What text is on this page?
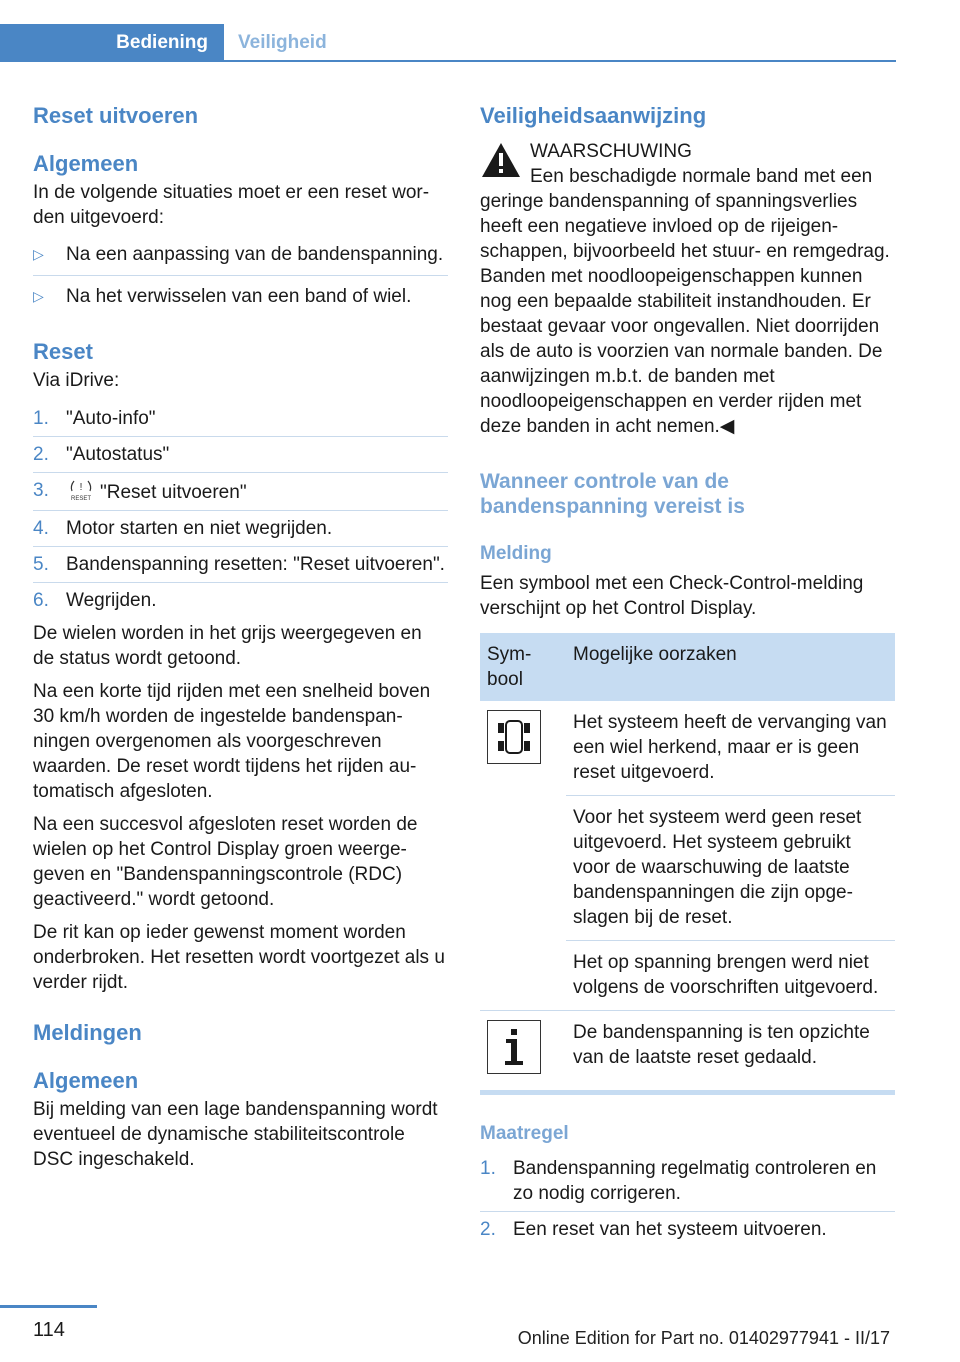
Bediening	Veiligheid
Reset uitvoeren
Algemeen

In de volgende situaties moet er een reset worden uitgevoerd:

▷ Na een aanpassing van de bandenspanning.
▷ Na het verwisselen van een band of wiel.
Reset

Via iDrive:

1. "Auto-info"
2. "Autostatus"
3.	!
RESET "Reset uitvoeren"
4. Motor starten en niet wegrijden.
5. Bandenspanning resetten: "Reset uitvoeren".
6. Wegrijden.

De wielen worden in het grijs weergegeven en de status wordt getoond.

Na een korte tijd rijden met een snelheid boven 30 km/h worden de ingestelde bandenspanningen overgenomen als voorgeschreven waarden. De reset wordt tijdens het rijden automatisch afgesloten.

Na een succesvol afgesloten reset worden de wielen op het Control Display groen weergegeven en "Bandenspanningscontrole (RDC) geactiveerd." wordt getoond.

De rit kan op ieder gewenst moment worden onderbroken. Het resetten wordt voortgezet als u verder rijdt.

Meldingen
Algemeen

Bij melding van een lage bandenspanning wordt eventueel de dynamische stabiliteitscontrole DSC ingeschakeld.

Veiligheidsaanwijzing

WAARSCHUWING

Een beschadigde normale band met een geringe bandenspanning of spanningsverlies heeft een negatieve invloed op de rijeigenschappen, bijvoorbeeld het stuur- en remgedrag. Banden met noodloopeigenschappen kunnen nog een bepaalde stabiliteit instandhouden. Er bestaat gevaar voor ongevallen. Niet doorrijden als de auto is voorzien van normale banden. De aanwijzingen m.b.t. de banden met noodloopeigenschappen en verder rijden met deze banden in acht nemen.◀

Wanneer controle van de bandenspanning vereist is
Melding

Een symbool met een Check-Control-melding verschijnt op het Control Display.

Symbool	Mogelijke oorzaken

	Het systeem heeft de vervanging van een wiel herkend, maar er is geen reset uitgevoerd.
	Voor het systeem werd geen reset uitgevoerd. Het systeem gebruikt voor de waarschuwing de laatste bandenspanningen die zijn opgeslagen bij de reset.
	Het op spanning brengen werd niet volgens de voorschriften uitgevoerd.

	De bandenspanning is ten opzichte van de laatste reset gedaald.
Maatregel
1. Bandenspanning regelmatig controleren en zo nodig corrigeren.
2. Een reset van het systeem uitvoeren.
114	Online Edition for Part no. 01402977941 - II/17
